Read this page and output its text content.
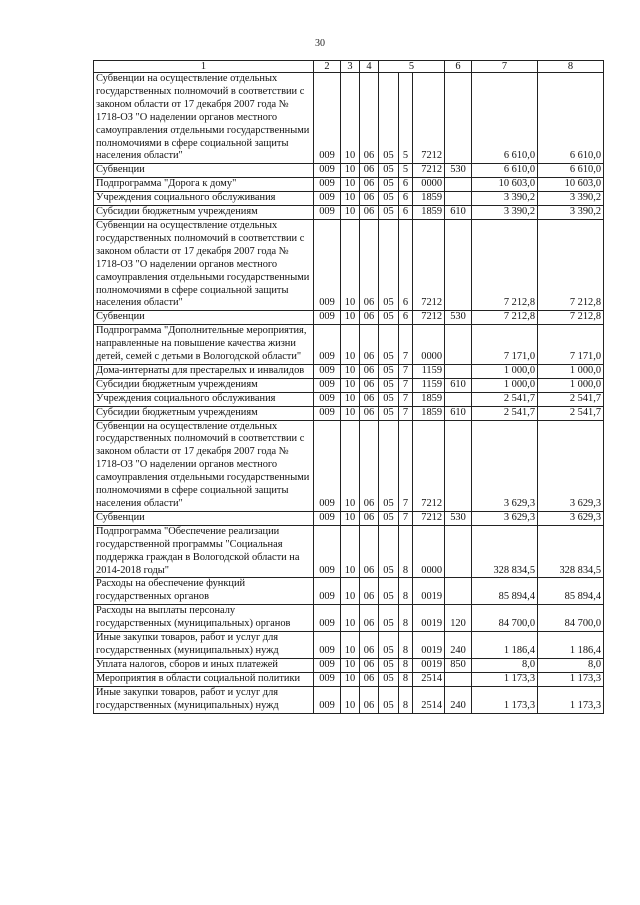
30
1	2	3	4	5			6	7	8
Субвенции на осуществление отдельных государственных полномочий в соответствии с законом области от 17 декабря 2007 года № 1718-ОЗ "О наделении органов местного самоуправления отдельными государственными полномочиями в сфере социальной защиты населения области"	009	10	06	05	5	7212		6 610,0	6 610,0
Субвенции	009	10	06	05	5	7212	530	6 610,0	6 610,0
Подпрограмма "Дорога к дому"	009	10	06	05	6	0000		10 603,0	10 603,0
Учреждения социального обслуживания	009	10	06	05	6	1859		3 390,2	3 390,2
Субсидии бюджетным учреждениям	009	10	06	05	6	1859	610	3 390,2	3 390,2
Субвенции на осуществление отдельных государственных полномочий в соответствии с законом области от 17 декабря 2007 года № 1718-ОЗ "О наделении органов местного самоуправления отдельными государственными полномочиями в сфере социальной защиты населения области"	009	10	06	05	6	7212		7 212,8	7 212,8
Субвенции	009	10	06	05	6	7212	530	7 212,8	7 212,8
Подпрограмма "Дополнительные мероприятия, направленные на повышение качества жизни детей, семей с детьми в Вологодской области"	009	10	06	05	7	0000		7 171,0	7 171,0
Дома-интернаты для престарелых и инвалидов	009	10	06	05	7	1159		1 000,0	1 000,0
Субсидии бюджетным учреждениям	009	10	06	05	7	1159	610	1 000,0	1 000,0
Учреждения социального обслуживания	009	10	06	05	7	1859		2 541,7	2 541,7
Субсидии бюджетным учреждениям	009	10	06	05	7	1859	610	2 541,7	2 541,7
Субвенции на осуществление отдельных государственных полномочий в соответствии с законом области от 17 декабря 2007 года № 1718-ОЗ "О наделении органов местного самоуправления отдельными государственными полномочиями в сфере социальной защиты населения области"	009	10	06	05	7	7212		3 629,3	3 629,3
Субвенции	009	10	06	05	7	7212	530	3 629,3	3 629,3
Подпрограмма "Обеспечение реализации государственной программы "Социальная поддержка граждан в Вологодской области на 2014-2018 годы"	009	10	06	05	8	0000		328 834,5	328 834,5
Расходы на обеспечение функций государственных органов	009	10	06	05	8	0019		85 894,4	85 894,4
Расходы на выплаты персоналу государственных (муниципальных) органов	009	10	06	05	8	0019	120	84 700,0	84 700,0
Иные закупки товаров, работ и услуг для государственных (муниципальных) нужд	009	10	06	05	8	0019	240	1 186,4	1 186,4
Уплата налогов, сборов и иных платежей	009	10	06	05	8	0019	850	8,0	8,0
Мероприятия в области социальной политики	009	10	06	05	8	2514		1 173,3	1 173,3
Иные закупки товаров, работ и услуг для государственных (муниципальных) нужд	009	10	06	05	8	2514	240	1 173,3	1 173,3
